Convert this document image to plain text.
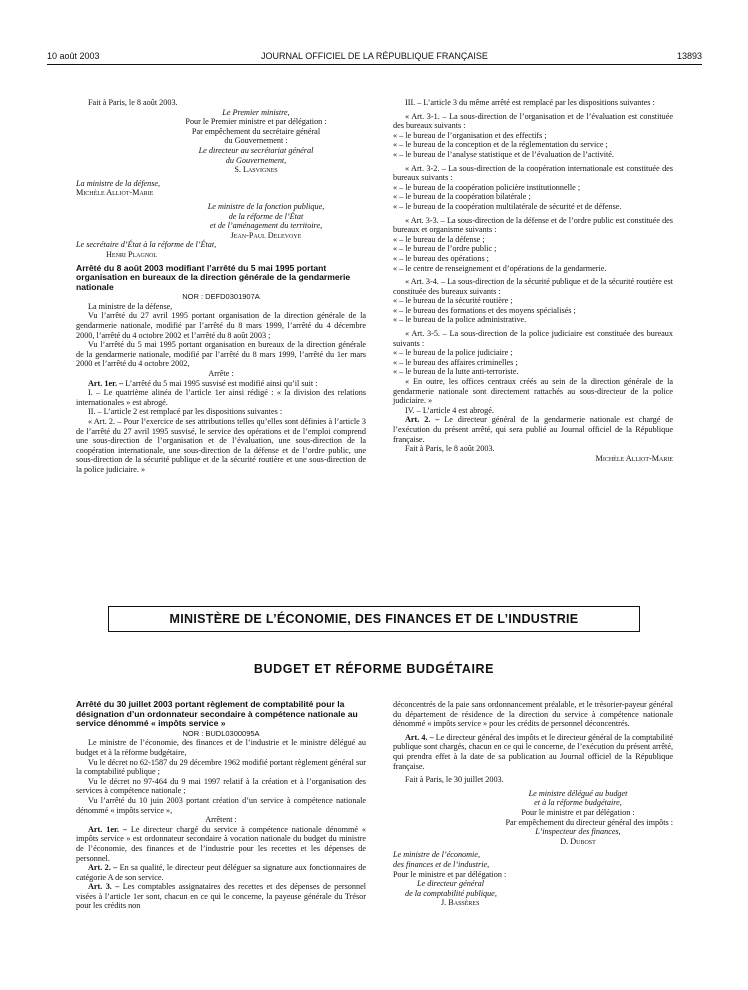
10 août 2003	JOURNAL OFFICIEL DE LA RÉPUBLIQUE FRANÇAISE	13893

Fait à Paris, le 8 août 2003.

Le Premier ministre,

Pour le Premier ministre et par délégation :

Par empêchement du secrétaire général

du Gouvernement :

Le directeur au secrétariat général

du Gouvernement,

S. Lasvignes

La ministre de la défense,

Michèle Alliot-Marie

Le ministre de la fonction publique,

de la réforme de l’État

et de l’aménagement du territoire,

Jean-Paul Delevoye

Le secrétaire d’État à la réforme de l’État,

Henri Plagnol

Arrêté du 8 août 2003 modifiant l’arrêté du 5 mai 1995 portant organisation en bureaux de la direction générale de la gendarmerie nationale

NOR : DEFD0301907A

La ministre de la défense,

Vu l’arrêté du 27 avril 1995 portant organisation de la direction générale de la gendarmerie nationale, modifié par l’arrêté du 8 mars 1999, l’arrêté du 4 décembre 2000, l’arrêté du 4 octobre 2002 et l’arrêté du 8 août 2003 ;

Vu l’arrêté du 5 mai 1995 portant organisation en bureaux de la direction générale de la gendarmerie nationale, modifié par l’arrêté du 8 mars 1999, l’arrêté du 1er mars 2000 et l’arrêté du 4 octobre 2002,

Arrête :

Art. 1er. – L’arrêté du 5 mai 1995 susvisé est modifié ainsi qu’il suit :

I. – Le quatrième alinéa de l’article 1er ainsi rédigé : « la division des relations internationales » est abrogé.

II. – L’article 2 est remplacé par les dispositions suivantes :

« Art. 2. – Pour l’exercice de ses attributions telles qu’elles sont définies à l’article 3 de l’arrêté du 27 avril 1995 susvisé, le service des opérations et de l’emploi comprend une sous-direction de l’organisation et de l’évaluation, une sous-direction de la coopération internationale, une sous-direction de la défense et de l’ordre public, une sous-direction de la sécurité publique et de la sécurité routière et une sous-direction de la police judiciaire. »

III. – L’article 3 du même arrêté est remplacé par les dispositions suivantes :

« Art. 3-1. – La sous-direction de l’organisation et de l’évaluation est constituée des bureaux suivants :

« – le bureau de l’organisation et des effectifs ;

« – le bureau de la conception et de la réglementation du service ;

« – le bureau de l’analyse statistique et de l’évaluation de l’activité.

« Art. 3-2. – La sous-direction de la coopération internationale est constituée des bureaux suivants :

« – le bureau de la coopération policière institutionnelle ;

« – le bureau de la coopération bilatérale ;

« – le bureau de la coopération multilatérale de sécurité et de défense.

« Art. 3-3. – La sous-direction de la défense et de l’ordre public est constituée des bureaux et organisme suivants :

« – le bureau de la défense ;

« – le bureau de l’ordre public ;

« – le bureau des opérations ;

« – le centre de renseignement et d’opérations de la gendarmerie.

« Art. 3-4. – La sous-direction de la sécurité publique et de la sécurité routière est constituée des bureaux suivants :

« – le bureau de la sécurité routière ;

« – le bureau des formations et des moyens spécialisés ;

« – le bureau de la police administrative.

« Art. 3-5. – La sous-direction de la police judiciaire est constituée des bureaux suivants :

« – le bureau de la police judiciaire ;

« – le bureau des affaires criminelles ;

« – le bureau de la lutte anti-terroriste.

« En outre, les offices centraux créés au sein de la direction générale de la gendarmerie nationale sont directement rattachés au sous-directeur de la police judiciaire. »

IV. – L’article 4 est abrogé.

Art. 2. – Le directeur général de la gendarmerie nationale est chargé de l’exécution du présent arrêté, qui sera publié au Journal officiel de la République française.

Fait à Paris, le 8 août 2003.

Michèle Alliot-Marie

MINISTÈRE DE L’ÉCONOMIE, DES FINANCES ET DE L’INDUSTRIE
BUDGET ET RÉFORME BUDGÉTAIRE

Arrêté du 30 juillet 2003 portant règlement de comptabilité pour la désignation d’un ordonnateur secondaire à compétence nationale au service dénommé « impôts service »

NOR : BUDL0300095A

Le ministre de l’économie, des finances et de l’industrie et le ministre délégué au budget et à la réforme budgétaire,

Vu le décret no 62-1587 du 29 décembre 1962 modifié portant règlement général sur la comptabilité publique ;

Vu le décret no 97-464 du 9 mai 1997 relatif à la création et à l’organisation des services à compétence nationale ;

Vu l’arrêté du 10 juin 2003 portant création d’un service à compétence nationale dénommé « impôts service »,

Arrêtent :

Art. 1er. – Le directeur chargé du service à compétence nationale dénommé « impôts service » est ordonnateur secondaire à vocation nationale du budget du ministre de l’économie, des finances et de l’industrie pour les recettes et les dépenses de personnel.

Art. 2. – En sa qualité, le directeur peut déléguer sa signature aux fonctionnaires de catégorie A de son service.

Art. 3. – Les comptables assignataires des recettes et des dépenses de personnel visées à l’article 1er sont, chacun en ce qui le concerne, la payeuse générale du Trésor pour les crédits non

déconcentrés de la paie sans ordonnancement préalable, et le trésorier-payeur général du département de résidence de la direction du service à compétence nationale dénommé « impôts service » pour les crédits de personnel déconcentrés.

Art. 4. – Le directeur général des impôts et le directeur général de la comptabilité publique sont chargés, chacun en ce qui le concerne, de l’exécution du présent arrêté, qui prendra effet à la date de sa publication au Journal officiel de la République française.

Fait à Paris, le 30 juillet 2003.

Le ministre délégué au budget

et à la réforme budgétaire,

Pour le ministre et par délégation :

Par empêchement du directeur général des impôts :

L’inspecteur des finances,

D. Dubost

Le ministre de l’économie,

des finances et de l’industrie,

Pour le ministre et par délégation :

Le directeur général

de la comptabilité publique,

J. Bassères
